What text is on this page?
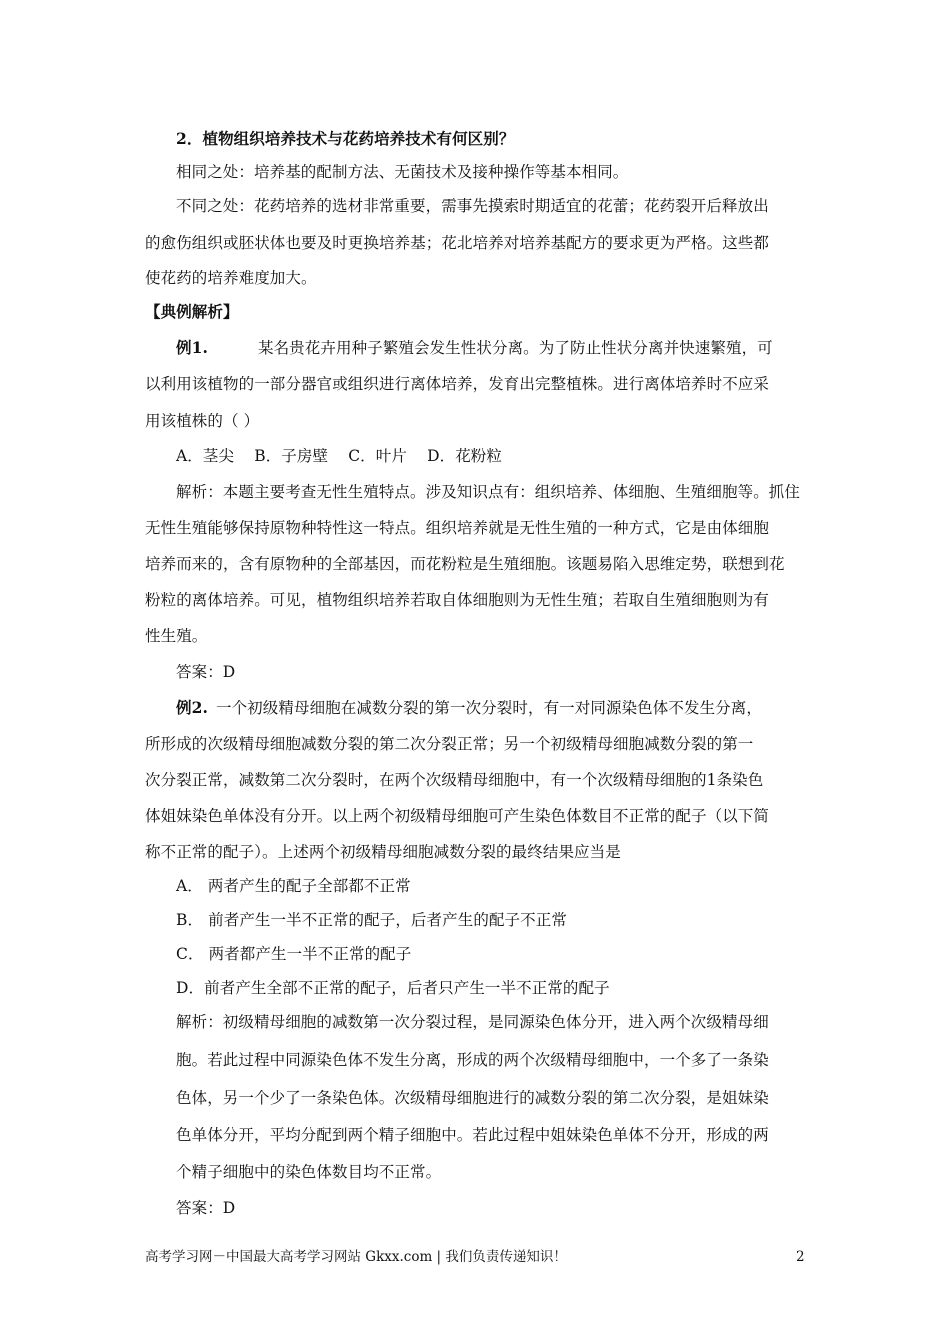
2．植物组织培养技术与花药培养技术有何区别？
相同之处：培养基的配制方法、无菌技术及接种操作等基本相同。
不同之处：花药培养的选材非常重要，需事先摸索时期适宜的花蕾；花药裂开后释放出
的愈伤组织或胚状体也要及时更换培养基；花北培养对培养基配方的要求更为严格。这些都
使花药的培养难度加大。
【典例解析】
例1.	某名贵花卉用种子繁殖会发生性状分离。为了防止性状分离并快速繁殖，可
以利用该植物的一部分器官或组织进行离体培养，发育出完整植株。进行离体培养时不应采
用该植株的（ ）
A．茎尖    B．子房壁    C．叶片    D．花粉粒
解析：本题主要考查无性生殖特点。涉及知识点有：组织培养、体细胞、生殖细胞等。抓住
无性生殖能够保持原物种特性这一特点。组织培养就是无性生殖的一种方式，它是由体细胞
培养而来的，含有原物种的全部基因，而花粉粒是生殖细胞。该题易陷入思维定势，联想到花
粉粒的离体培养。可见，植物组织培养若取自体细胞则为无性生殖；若取自生殖细胞则为有
性生殖。
答案：D
例2. 一个初级精母细胞在减数分裂的第一次分裂时，有一对同源染色体不发生分离，
所形成的次级精母细胞减数分裂的第二次分裂正常；另一个初级精母细胞减数分裂的第一
次分裂正常，减数第二次分裂时，在两个次级精母细胞中，有一个次级精母细胞的1条染色
体姐妹染色单体没有分开。以上两个初级精母细胞可产生染色体数目不正常的配子（以下简
称不正常的配子）。上述两个初级精母细胞减数分裂的最终结果应当是
A． 两者产生的配子全部都不正常
B． 前者产生一半不正常的配子，后者产生的配子不正常
C． 两者都产生一半不正常的配子
D．前者产生全部不正常的配子，后者只产生一半不正常的配子
解析：初级精母细胞的减数第一次分裂过程，是同源染色体分开，进入两个次级精母细
胞。若此过程中同源染色体不发生分离，形成的两个次级精母细胞中，一个多了一条染
色体，另一个少了一条染色体。次级精母细胞进行的减数分裂的第二次分裂，是姐妹染
色单体分开，平均分配到两个精子细胞中。若此过程中姐妹染色单体不分开，形成的两
个精子细胞中的染色体数目均不正常。
答案：D
高考学习网－中国最大高考学习网站 Gkxx.com | 我们负责传递知识！	2
